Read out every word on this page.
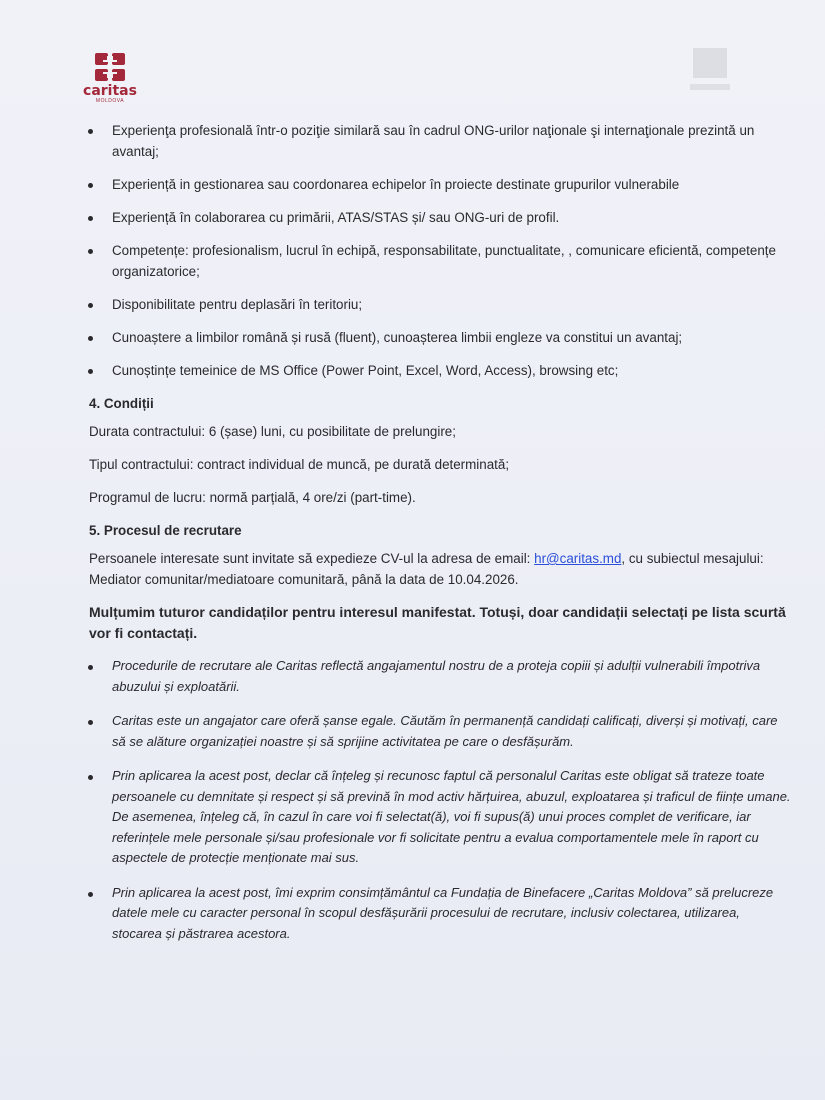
caritas
MOLDOVA
Experienţa profesională într-o poziţie similară sau în cadrul ONG-urilor naţionale şi internaţionale prezintă un avantaj;
Experiență in gestionarea sau coordonarea echipelor în proiecte destinate grupurilor vulnerabile
Experiență în colaborarea cu primării, ATAS/STAS și/ sau ONG-uri de profil.
Competențe: profesionalism, lucrul în echipă, responsabilitate, punctualitate, , comunicare eficientă, competențe organizatorice;
Disponibilitate pentru deplasări în teritoriu;
Cunoaștere a limbilor română și rusă (fluent), cunoașterea limbii engleze va constitui un avantaj;
Cunoștințe temeinice de MS Office (Power Point, Excel, Word, Access), browsing etc;
4. Condiții
Durata contractului: 6 (șase) luni, cu posibilitate de prelungire;
Tipul contractului: contract individual de muncă, pe durată determinată;
Programul de lucru: normă parțială, 4 ore/zi (part-time).
5. Procesul de recrutare
Persoanele interesate sunt invitate să expedieze CV-ul la adresa de email: hr@caritas.md, cu subiectul mesajului: Mediator comunitar/mediatoare comunitară, până la data de 10.04.2026.
Mulțumim tuturor candidaților pentru interesul manifestat. Totuși, doar candidații selectați pe lista scurtă vor fi contactați.
Procedurile de recrutare ale Caritas reflectă angajamentul nostru de a proteja copiii și adulții vulnerabili împotriva abuzului și exploatării.
Caritas este un angajator care oferă șanse egale. Căutăm în permanență candidați calificați, diverși și motivați, care să se alăture organizației noastre și să sprijine activitatea pe care o desfășurăm.
Prin aplicarea la acest post, declar că înțeleg și recunosc faptul că personalul Caritas este obligat să trateze toate persoanele cu demnitate și respect și să prevină în mod activ hărțuirea, abuzul, exploatarea și traficul de ființe umane. De asemenea, înțeleg că, în cazul în care voi fi selectat(ă), voi fi supus(ă) unui proces complet de verificare, iar referințele mele personale și/sau profesionale vor fi solicitate pentru a evalua comportamentele mele în raport cu aspectele de protecție menționate mai sus.
Prin aplicarea la acest post, îmi exprim consimțământul ca Fundația de Binefacere „Caritas Moldova” să prelucreze datele mele cu caracter personal în scopul desfășurării procesului de recrutare, inclusiv colectarea, utilizarea, stocarea și păstrarea acestora.
